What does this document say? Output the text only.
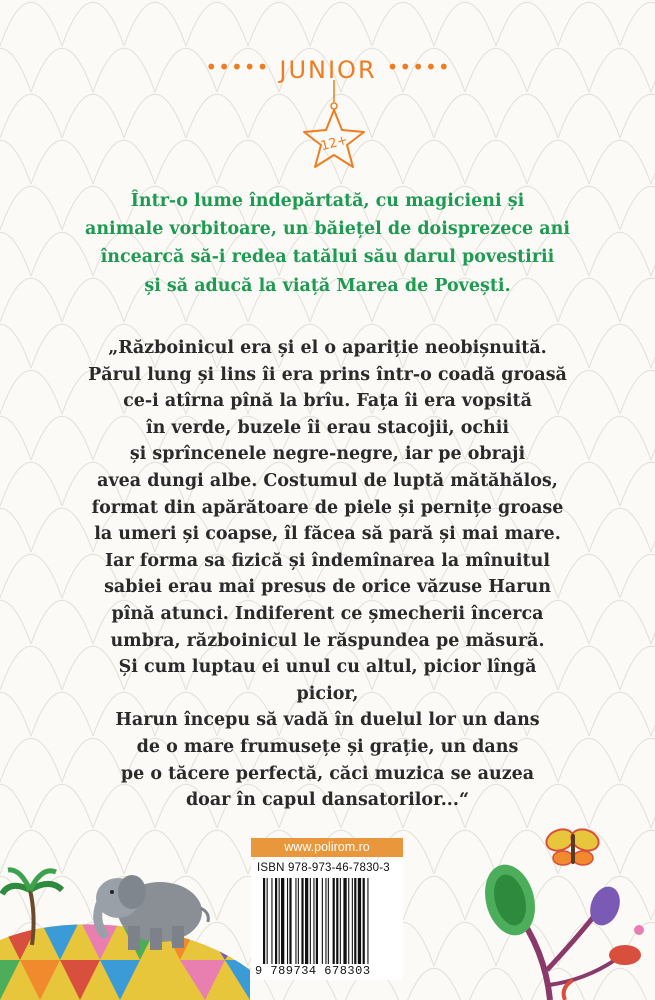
••••• JUNIOR •••••
12+

Într-o lume îndepărtată, cu magicieni și
animale vorbitoare, un băiețel de doisprezece ani
încearcă să-i redea tatălui său darul povestirii
și să aducă la viață Marea de Povești.

„Războinicul era și el o apariție neobișnuită.
Părul lung și lins îi era prins într-o coadă groasă
ce-i atîrna pînă la brîu. Fața îi era vopsită
în verde, buzele îi erau stacojii, ochii
și sprîncenele negre-negre, iar pe obraji
avea dungi albe. Costumul de luptă mătăhălos,
format din apărătoare de piele și pernițe groase
la umeri și coapse, îl făcea să pară și mai mare.
Iar forma sa fizică și îndemînarea la mînuitul
sabiei erau mai presus de orice văzuse Harun
pînă atunci. Indiferent ce șmecherii încerca
umbra, războinicul le răspundea pe măsură.
Și cum luptau ei unul cu altul, picior lîngă picior,
Harun începu să vadă în duelul lor un dans
de o mare frumusețe și grație, un dans
pe o tăcere perfectă, căci muzica se auzea
doar în capul dansatorilor...“

www.polirom.ro
ISBN 978-973-46-7830-3
9 789734 678303
